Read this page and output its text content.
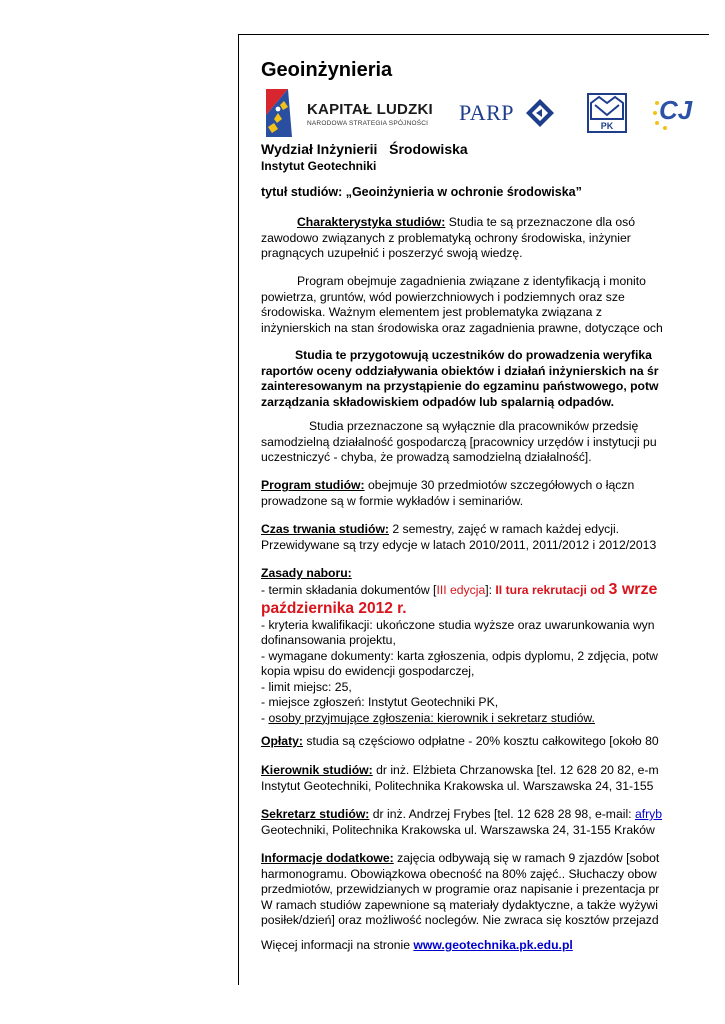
Geoinżynieria
KAPITAŁ LUDZKI
NARODOWA STRATEGIA SPÓJNOŚCI PARP
PK
CJ
Wydział Inżynierii   Środowiska
Instytut Geotechniki
tytuł studiów: „Geoinżynieria w ochronie środowiska”
Charakterystyka studiów: Studia te są przeznaczone dla osó
zawodowo związanych z problematyką ochrony środowiska, inżynier
pragnących uzupełnić i poszerzyć swoją wiedzę.
Program obejmuje zagadnienia związane z identyfikacją i monito
powietrza, gruntów, wód powierzchniowych i podziemnych oraz sze
środowiska. Ważnym elementem jest problematyka związana z
inżynierskich na stan środowiska oraz zagadnienia prawne, dotyczące och
Studia te przygotowują uczestników do prowadzenia weryfika
raportów oceny oddziaływania obiektów i działań inżynierskich na śr
zainteresowanym na przystąpienie do egzaminu państwowego, potw
zarządzania składowiskiem odpadów lub spalarnią odpadów.
Studia przeznaczone są wyłącznie dla pracowników przedsię
samodzielną działalność gospodarczą [pracownicy urzędów i instytucji pu
uczestniczyć - chyba, że prowadzą samodzielną działalność].
Program studiów: obejmuje 30 przedmiotów szczegółowych o łączn
prowadzone są w formie wykładów i seminariów.
Czas trwania studiów: 2 semestry, zajęć w ramach każdej edycji.
Przewidywane są trzy edycje w latach 2010/2011, 2011/2012 i 2012/2013
Zasady naboru:
- termin składania dokumentów [III edycja]: II tura rekrutacji od 3 wrze
października 2012 r.
- kryteria kwalifikacji: ukończone studia wyższe oraz uwarunkowania wyn
dofinansowania projektu,
- wymagane dokumenty: karta zgłoszenia, odpis dyplomu, 2 zdjęcia, potw
kopia wpisu do ewidencji gospodarczej,
- limit miejsc: 25,
- miejsce zgłoszeń: Instytut Geotechniki PK,
- osoby przyjmujące zgłoszenia: kierownik i sekretarz studiów.
Opłaty: studia są częściowo odpłatne - 20% kosztu całkowitego [około 80
Kierownik studiów: dr inż. Elżbieta Chrzanowska [tel. 12 628 20 82, e-m
Instytut Geotechniki, Politechnika Krakowska ul. Warszawska 24, 31-155
Sekretarz studiów: dr inż. Andrzej Frybes [tel. 12 628 28 98, e-mail: afryb
Geotechniki, Politechnika Krakowska ul. Warszawska 24, 31-155 Kraków
Informacje dodatkowe: zajęcia odbywają się w ramach 9 zjazdów [sobot
harmonogramu. Obowiązkowa obecność na 80% zajęć.. Słuchaczy obow
przedmiotów, przewidzianych w programie oraz napisanie i prezentacja pr
W ramach studiów zapewnione są materiały dydaktyczne, a także wyżywi
posiłek/dzień] oraz możliwość noclegów. Nie zwraca się kosztów przejazd
Więcej informacji na stronie www.geotechnika.pk.edu.pl
